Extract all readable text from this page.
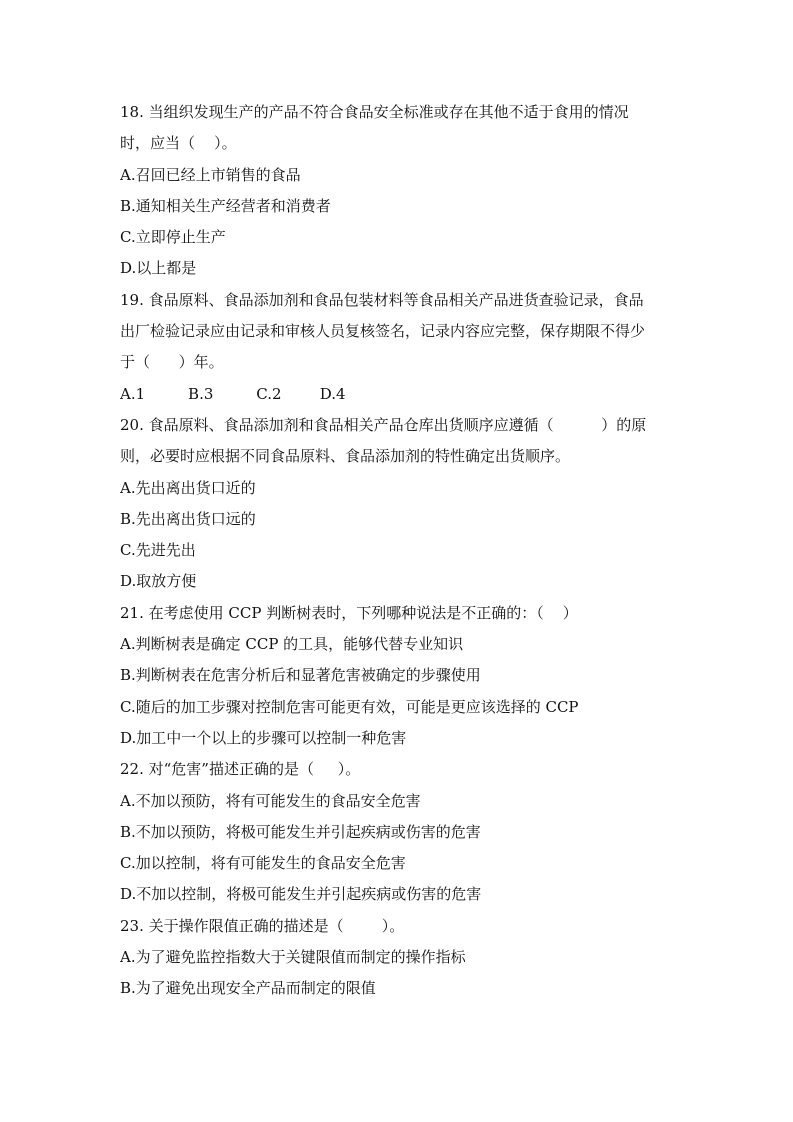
18. 当组织发现生产的产品不符合食品安全标准或存在其他不适于食用的情况
时，应当（    ）。
A.召回已经上市销售的食品
B.通知相关生产经营者和消费者
C.立即停止生产
D.以上都是
19. 食品原料、食品添加剂和食品包装材料等食品相关产品进货查验记录，食品
出厂检验记录应由记录和审核人员复核签名，记录内容应完整，保存期限不得少
于（      ）年。
A.1         B.3         C.2        D.4
20. 食品原料、食品添加剂和食品相关产品仓库出货顺序应遵循（          ）的原
则，必要时应根据不同食品原料、食品添加剂的特性确定出货顺序。
A.先出离出货口近的
B.先出离出货口远的
C.先进先出
D.取放方便
21. 在考虑使用 CCP 判断树表时，下列哪种说法是不正确的：（    ）
A.判断树表是确定 CCP 的工具，能够代替专业知识
B.判断树表在危害分析后和显著危害被确定的步骤使用
C.随后的加工步骤对控制危害可能更有效，可能是更应该选择的 CCP
D.加工中一个以上的步骤可以控制一种危害
22. 对“危害”描述正确的是（     ）。
A.不加以预防，将有可能发生的食品安全危害
B.不加以预防，将极可能发生并引起疾病或伤害的危害
C.加以控制，将有可能发生的食品安全危害
D.不加以控制，将极可能发生并引起疾病或伤害的危害
23. 关于操作限值正确的描述是（        ）。
A.为了避免监控指数大于关键限值而制定的操作指标
B.为了避免出现安全产品而制定的限值
